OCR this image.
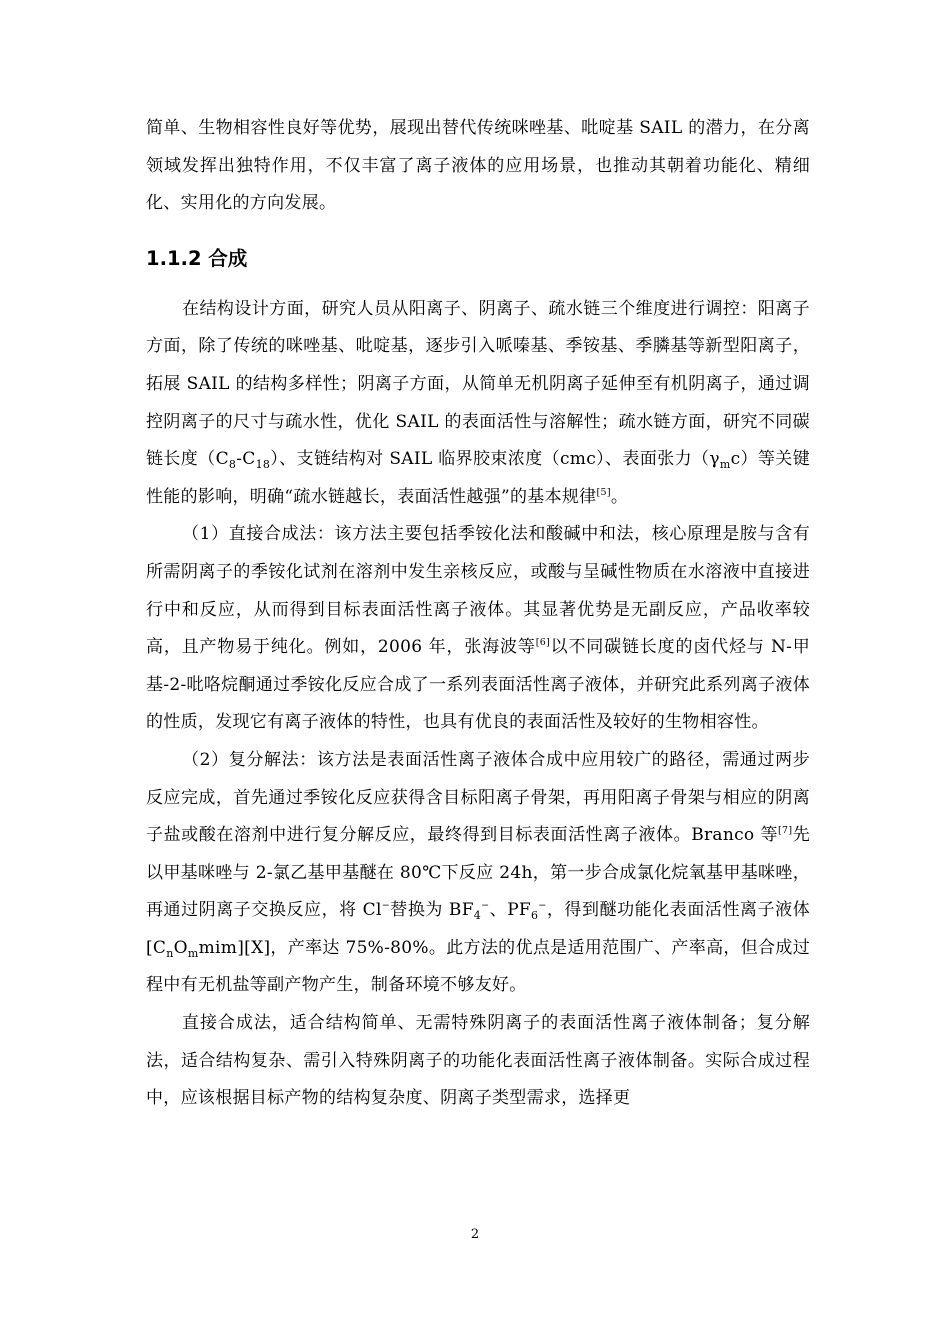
简单、生物相容性良好等优势，展现出替代传统咪唑基、吡啶基 SAIL 的潜力，在分离领域发挥出独特作用，不仅丰富了离子液体的应用场景，也推动其朝着功能化、精细化、实用化的方向发展。

1.1.2 合成

在结构设计方面，研究人员从阳离子、阴离子、疏水链三个维度进行调控：阳离子方面，除了传统的咪唑基、吡啶基，逐步引入哌嗪基、季铵基、季膦基等新型阳离子，拓展 SAIL 的结构多样性；阴离子方面，从简单无机阴离子延伸至有机阴离子，通过调控阴离子的尺寸与疏水性，优化 SAIL 的表面活性与溶解性；疏水链方面，研究不同碳链长度$(C_8-C_{18})$、支链结构对 SAIL 临界胶束浓度（cmc）、表面张力$(\gamma_mc)$等关键性能的影响，明确“疏水链越长，表面活性越强”的基本规律[5]。

（1）直接合成法：该方法主要包括季铵化法和酸碱中和法，核心原理是胺与含有所需阴离子的季铵化试剂在溶剂中发生亲核反应，或酸与呈碱性物质在水溶液中直接进行中和反应，从而得到目标表面活性离子液体。其显著优势是无副反应，产品收率较高，且产物易于纯化。例如，2006 年，张海波等[6]以不同碳链长度的卤代烃与 N-甲基-2-吡咯烷酮通过季铵化反应合成了一系列表面活性离子液体，并研究此系列离子液体的性质，发现它有离子液体的特性，也具有优良的表面活性及较好的生物相容性。

（2）复分解法：该方法是表面活性离子液体合成中应用较广的路径，需通过两步反应完成，首先通过季铵化反应获得含目标阳离子骨架，再用阳离子骨架与相应的阴离子盐或酸在溶剂中进行复分解反应，最终得到目标表面活性离子液体。Branco 等[7]先以甲基咪唑与 2-氯乙基甲基醚在 80℃下反应 24h，第一步合成氯化烷氧基甲基咪唑，再通过阴离子交换反应，将 Cl−替换为 $BF_4^-$、$PF_6^-$，得到醚功能化表面活性离子液体$[C_nO_mmim][X]$，产率达 75%-80%。此方法的优点是适用范围广、产率高，但合成过程中有无机盐等副产物产生，制备环境不够友好。

直接合成法，适合结构简单、无需特殊阴离子的表面活性离子液体制备；复分解法，适合结构复杂、需引入特殊阴离子的功能化表面活性离子液体制备。实际合成过程中，应该根据目标产物的结构复杂度、阴离子类型需求，选择更

2
